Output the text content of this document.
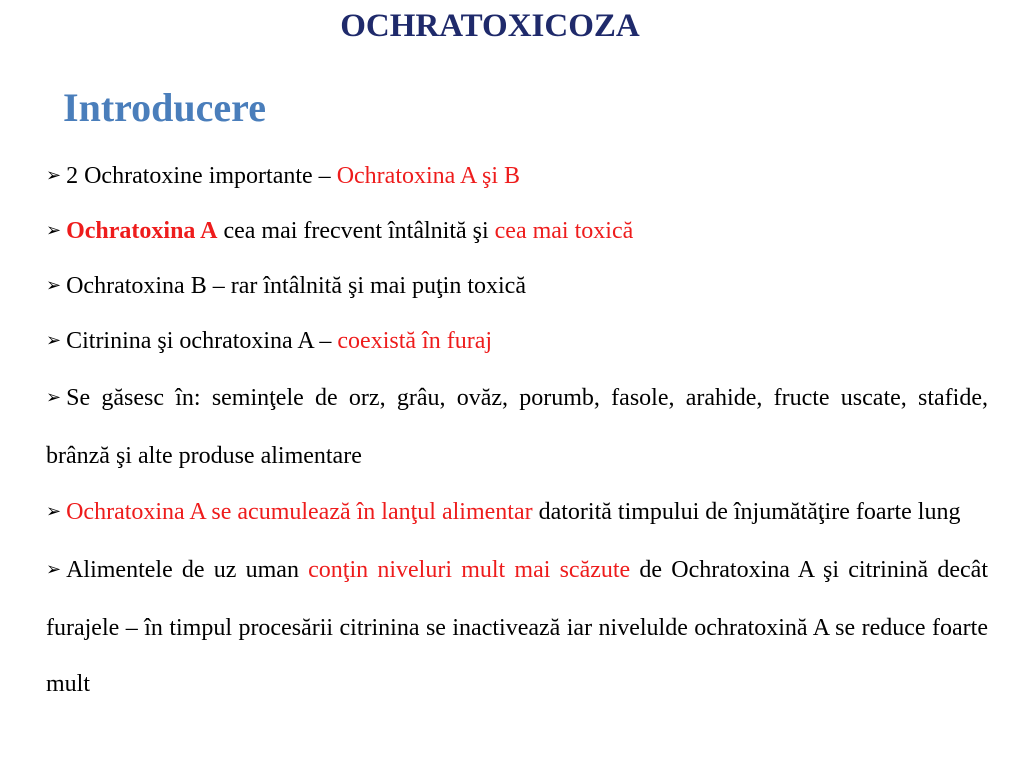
OCHRATOXICOZA
Introducere
➢ 2 Ochratoxine importante – Ochratoxina A şi B
➢ Ochratoxina A cea mai frecvent întâlnită şi cea mai toxică
➢ Ochratoxina B – rar întâlnită şi mai puţin toxică
➢ Citrinina şi ochratoxina A – coexistă în furaj
➢ Se găsesc în: seminţele de orz, grâu, ovăz, porumb, fasole, arahide, fructe uscate, stafide, brânză şi alte produse alimentare
➢ Ochratoxina A se acumulează în lanţul alimentar datorită timpului de înjumătăţire foarte lung
➢ Alimentele de uz uman conţin niveluri mult mai scăzute de Ochratoxina A şi citrinină decât furajele – în timpul procesării citrinina se inactivează iar nivelulde ochratoxină A se reduce foarte mult
